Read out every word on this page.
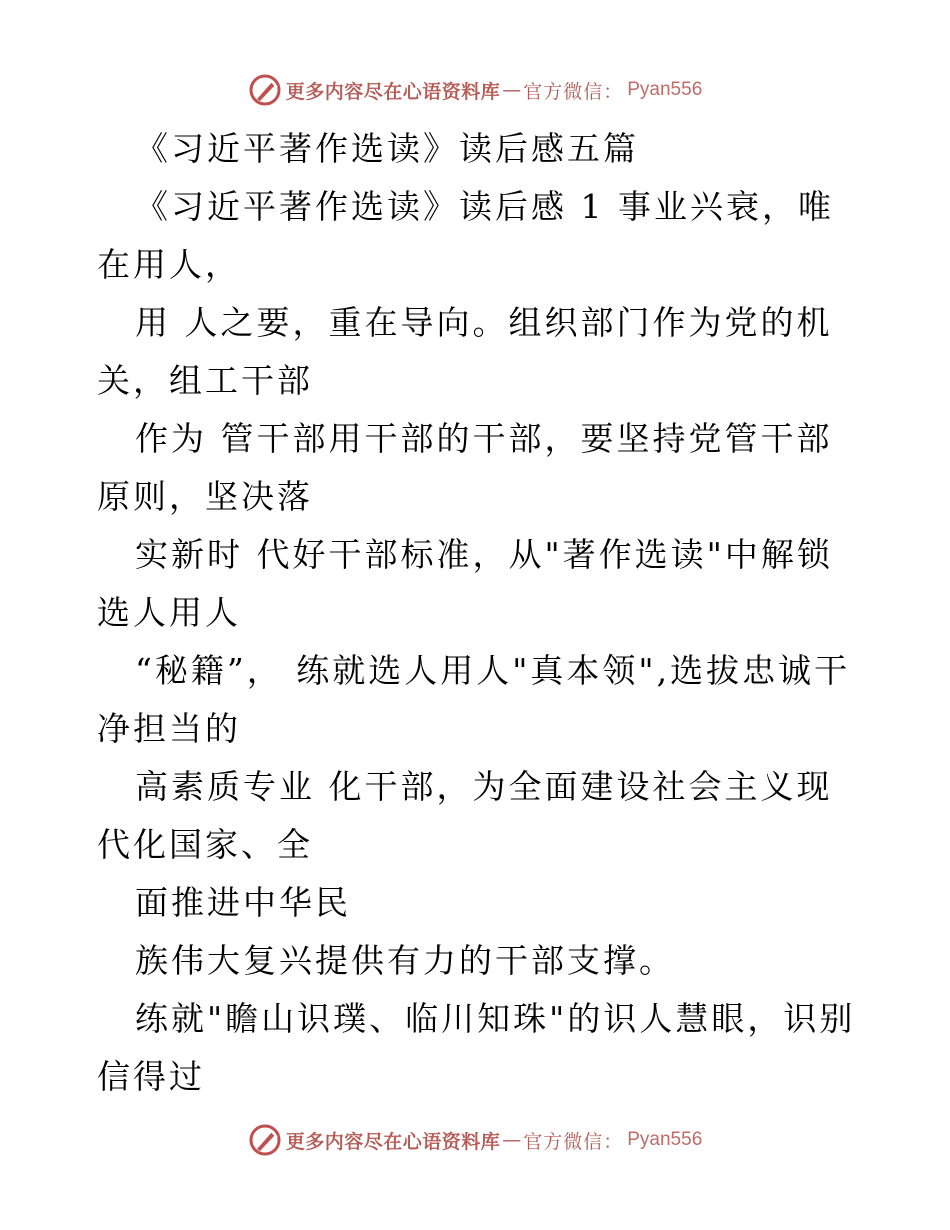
更多内容尽在心语资料库 — 官方微信： Pyan556

《习近平著作选读》读后感五篇

《习近平著作选读》读后感 1 事业兴衰，唯在用人，

用 人之要，重在导向。组织部门作为党的机关，组工干部

作为 管干部用干部的干部，要坚持党管干部原则，坚决落

实新时 代好干部标准，从"著作选读"中解锁选人用人

“秘籍”， 练就选人用人"真本领",选拔忠诚干净担当的

高素质专业 化干部，为全面建设社会主义现代化国家、全

面推进中华民

族伟大复兴提供有力的干部支撑。

练就"瞻山识璞、临川知珠"的识人慧眼，识别信得过

更多内容尽在心语资料库 — 官方微信： Pyan556
